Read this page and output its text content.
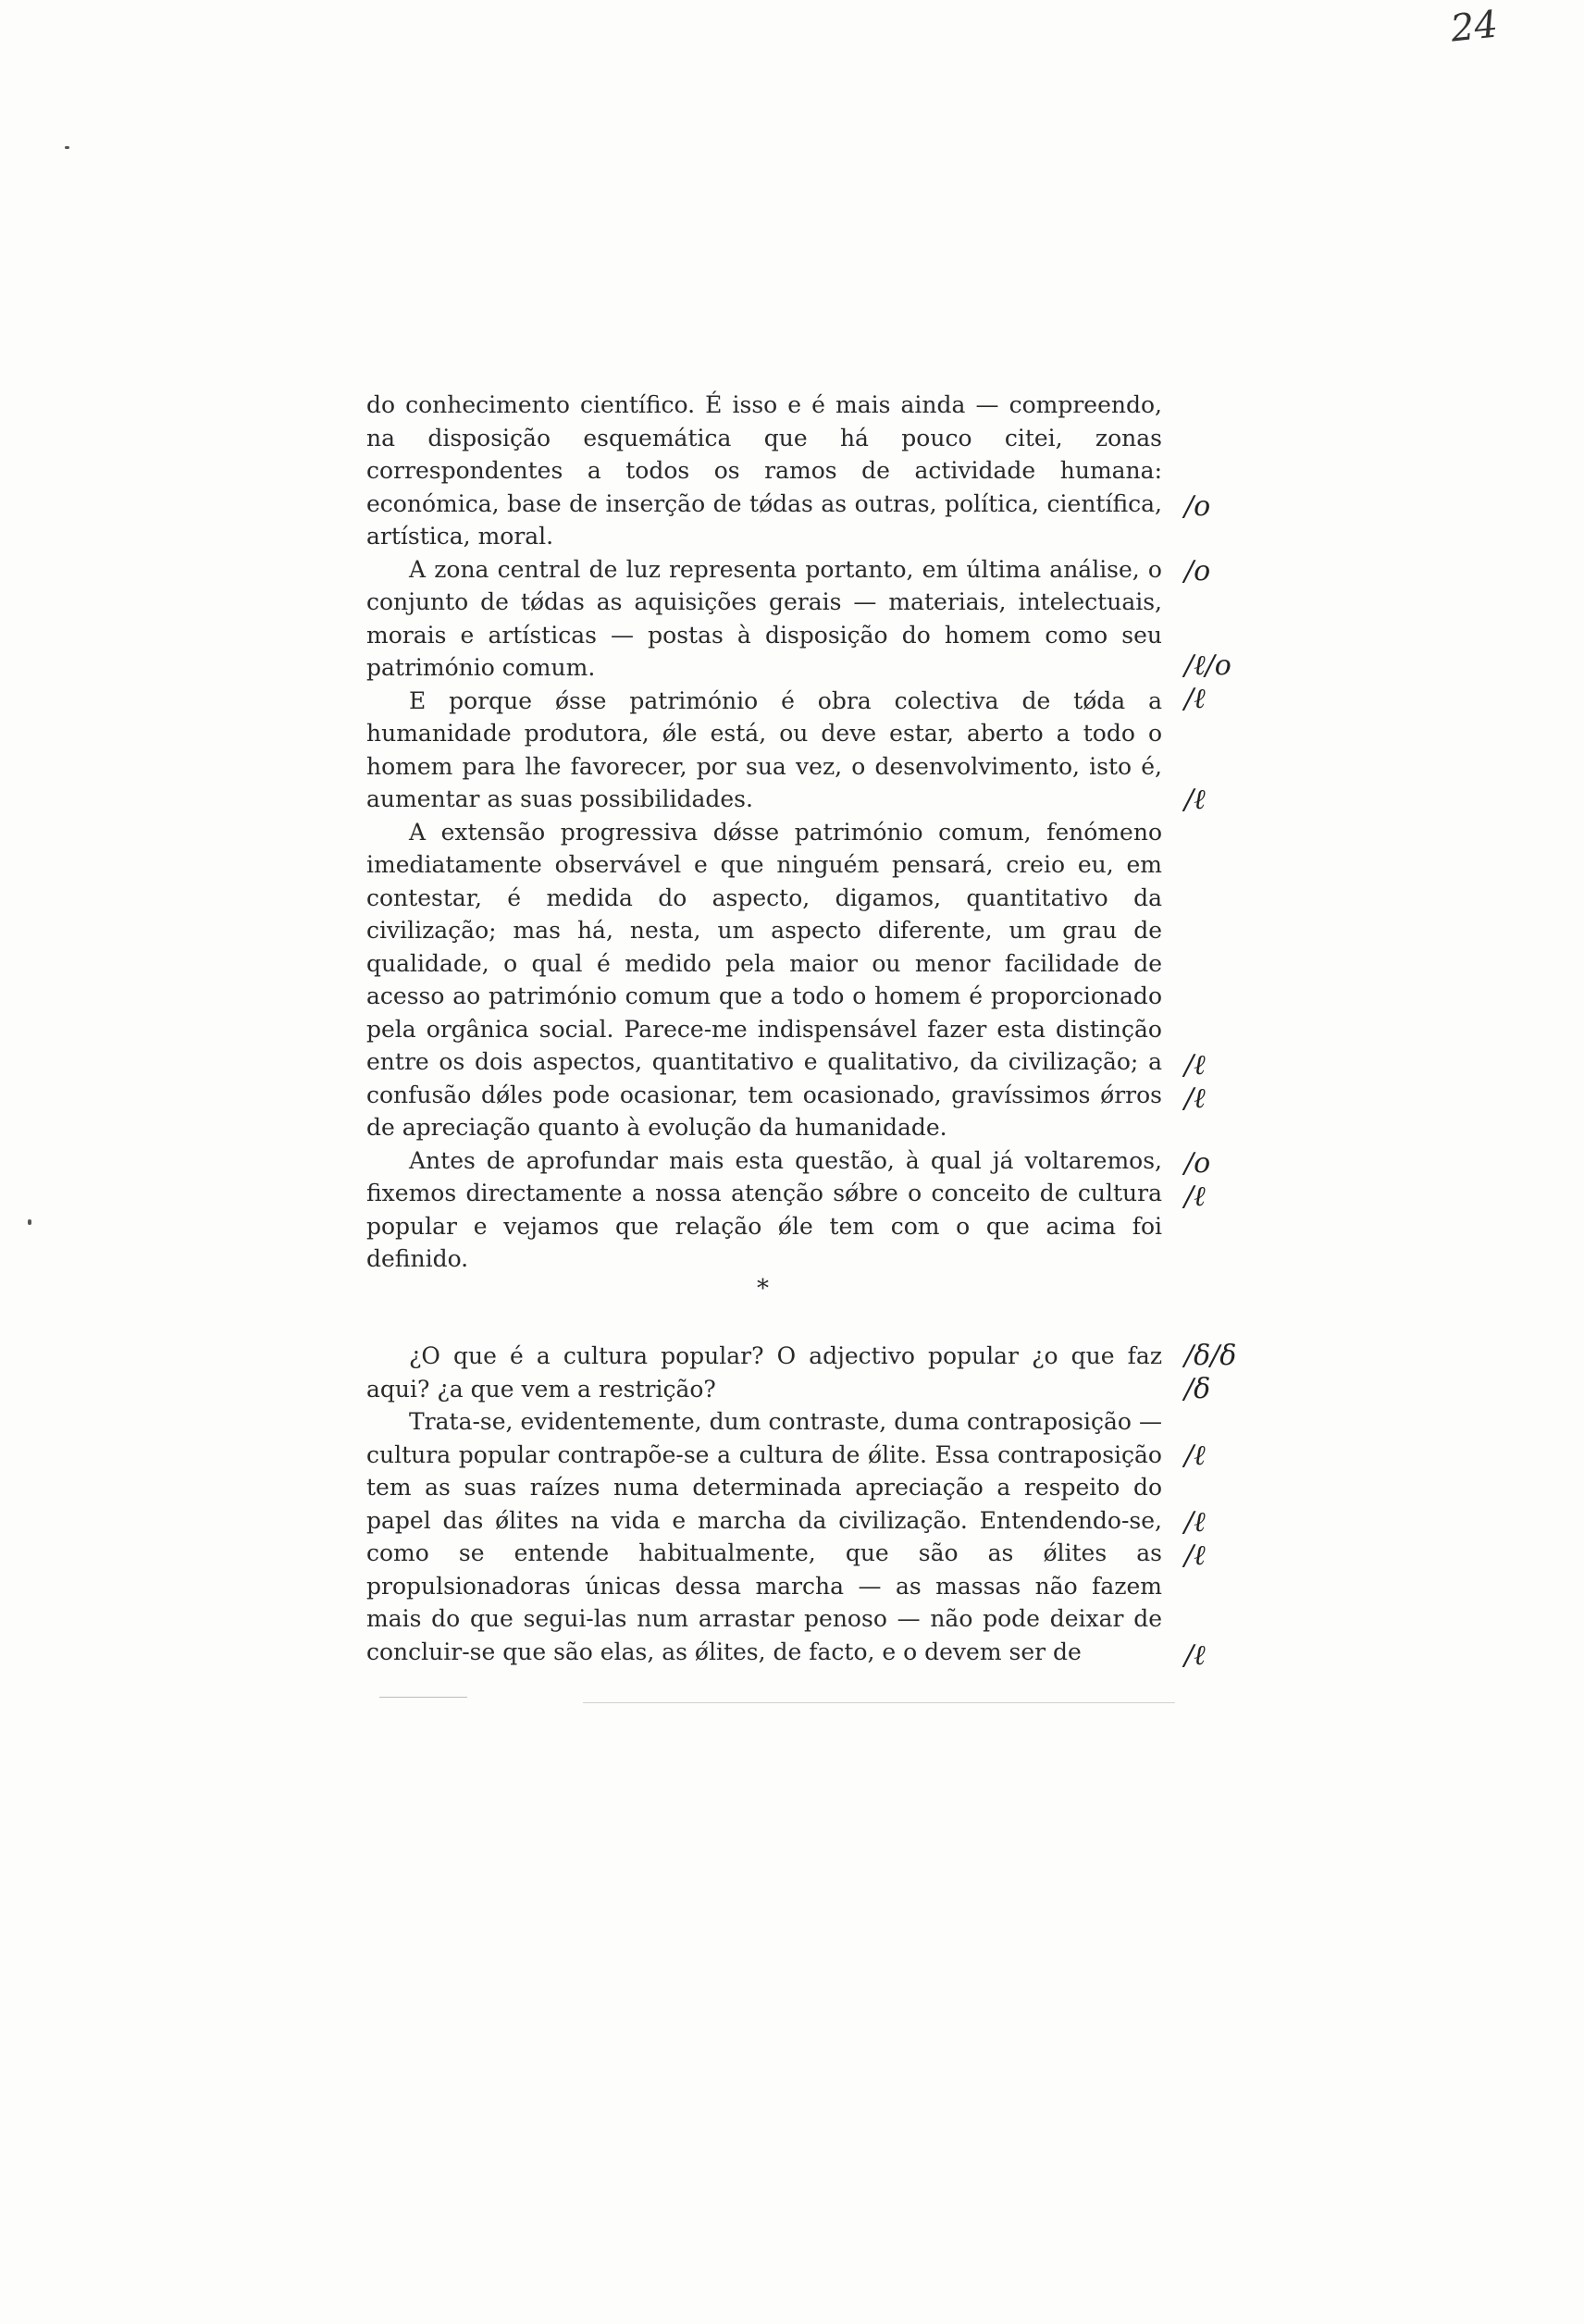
24

do conhecimento científico. É isso e é mais ainda — compreendo, na disposição esquemática que há pouco citei, zonas correspondentes a todos os ramos de actividade humana: económica, base de inserção de tǿdas as outras, política, científica, artística, moral.

A zona central de luz representa portanto, em última análise, o conjunto de tǿdas as aquisições gerais — materiais, intelectuais, morais e artísticas — postas à disposição do homem como seu património comum.

E porque ǿsse património é obra colectiva de tǿda a humanidade produtora, ǿle está, ou deve estar, aberto a todo o homem para lhe favorecer, por sua vez, o desenvolvimento, isto é, aumentar as suas possibilidades.

A extensão progressiva dǿsse património comum, fenómeno imediatamente observável e que ninguém pensará, creio eu, em contestar, é medida do aspecto, digamos, quantitativo da civilização; mas há, nesta, um aspecto diferente, um grau de qualidade, o qual é medido pela maior ou menor facilidade de acesso ao património comum que a todo o homem é proporcionado pela orgânica social. Parece-me indispensável fazer esta distinção entre os dois aspectos, quantitativo e qualitativo, da civilização; a confusão dǿles pode ocasionar, tem ocasionado, gravíssimos ǿrros de apreciação quanto à evolução da humanidade.

Antes de aprofundar mais esta questão, à qual já voltaremos, fixemos directamente a nossa atenção sǿbre o conceito de cultura popular e vejamos que relação ǿle tem com o que acima foi definido.

*

¿O que é a cultura popular? O adjectivo popular ¿o que faz aqui? ¿a que vem a restrição?

Trata-se, evidentemente, dum contraste, duma contraposição — cultura popular contrapõe-se a cultura de ǿlite. Essa contraposição tem as suas raízes numa determinada apreciação a respeito do papel das ǿlites na vida e marcha da civilização. Entendendo-se, como se entende habitualmente, que são as ǿlites as propulsionadoras únicas dessa marcha — as massas não fazem mais do que segui-las num arrastar penoso — não pode deixar de concluir-se que são elas, as ǿlites, de facto, e o devem ser de

/o
/o
/ℓ/o
/ℓ
/ℓ
/ℓ
/ℓ
/o
/ℓ
/δ/δ
/δ
/ℓ
/ℓ
/ℓ
/ℓ
